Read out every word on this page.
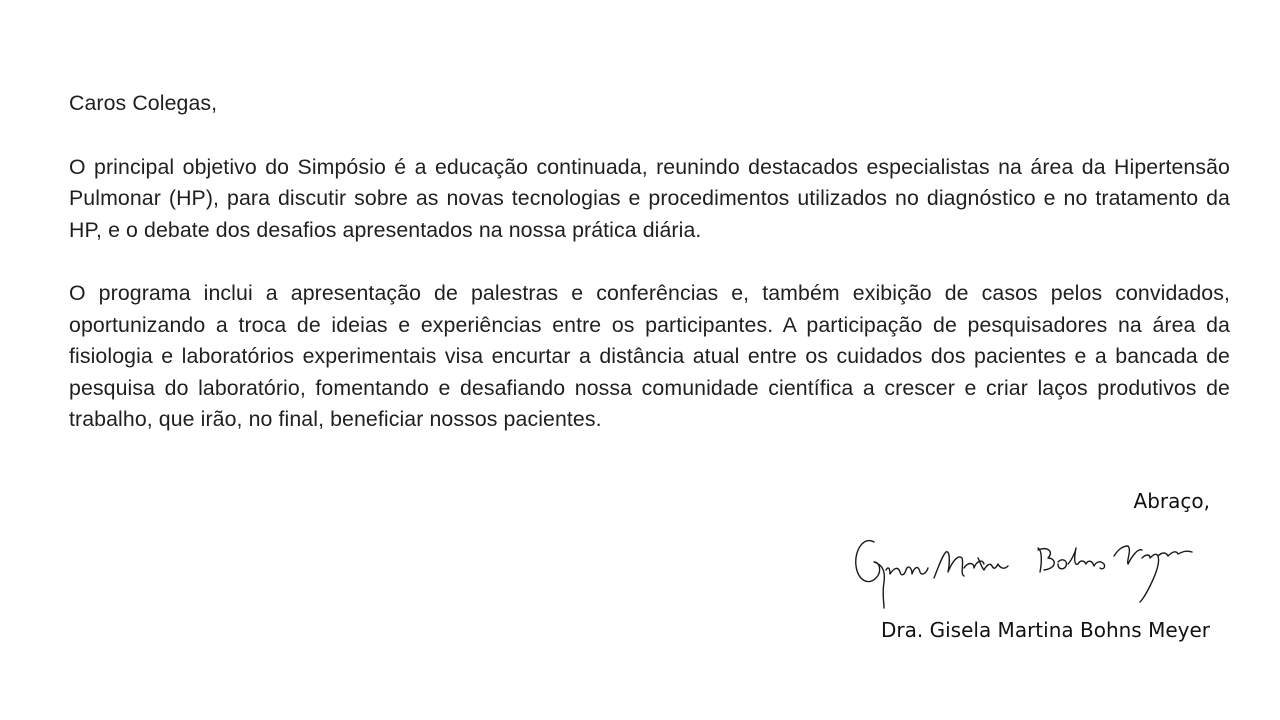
Caros Colegas,

O principal objetivo do Simpósio é a educação continuada, reunindo destacados especialistas na área da Hipertensão Pulmonar (HP), para discutir sobre as novas tecnologias e procedimentos utilizados no diagnóstico e no tratamento da HP, e o debate dos desafios apresentados na nossa prática diária.

O programa inclui a apresentação de palestras e conferências e, também exibição de casos pelos convidados, oportunizando a troca de ideias e experiências entre os participantes. A participação de pesquisadores na área da fisiologia e laboratórios experimentais visa encurtar a distância atual entre os cuidados dos pacientes e a bancada de pesquisa do laboratório, fomentando e desafiando nossa comunidade científica a crescer e criar laços produtivos de trabalho, que irão, no final, beneficiar nossos pacientes.

Abraço,
Dra. Gisela Martina Bohns Meyer
